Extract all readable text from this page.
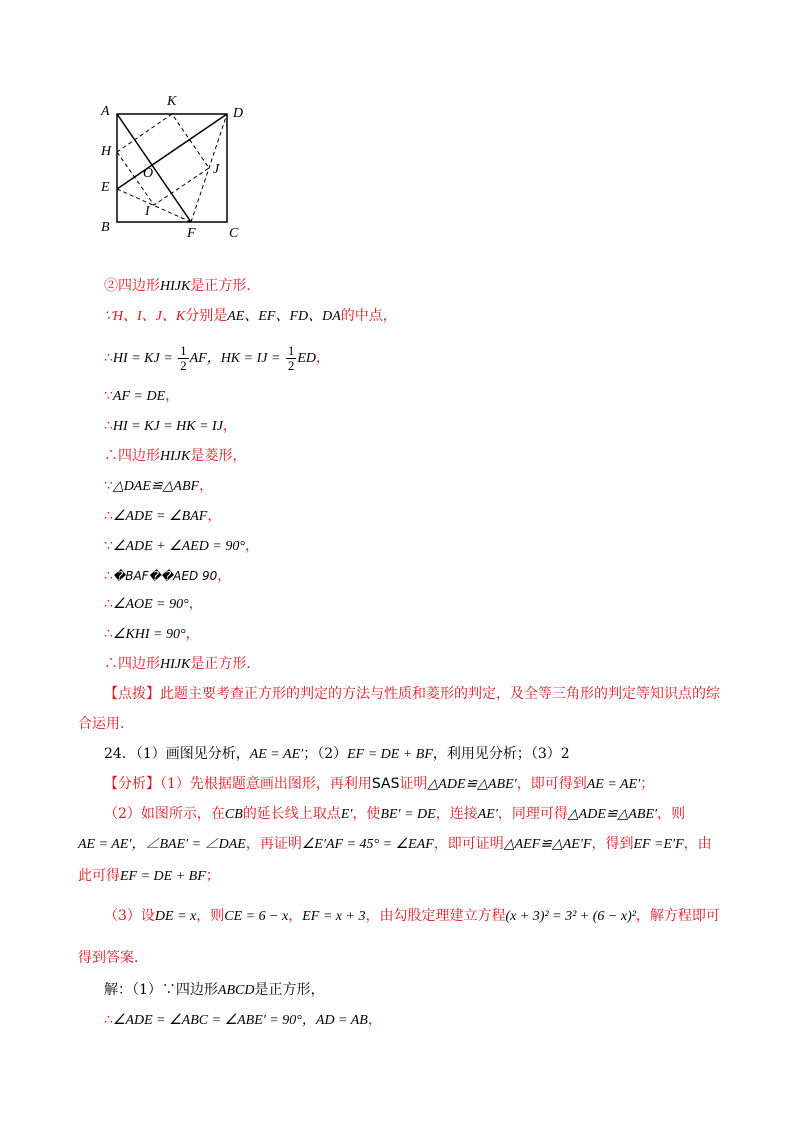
A
K
D
H
E
O	J
I
B	F C
②四边形HIJK是正方形．
∵H、I、J、K分别是AE、EF、FD、DA的中点，
∴HI = KJ = $\frac{1}{2}$ AF，HK = IJ = $\frac{1}{2}$ ED，
∵AF = DE，
∴HI = KJ = HK = IJ，
∴四边形HIJK是菱形，
∵△DAE≌△ABF，
∴∠ADE = ∠BAF，
∵∠ADE + ∠AED = 90°，
∴�BAF��AED 90，
∴∠AOE = 90°，
∴∠KHI = 90°，
∴四边形HIJK是正方形．
【点拨】此题主要考查正方形的判定的方法与性质和菱形的判定，及全等三角形的判定等知识点的综
合运用．
24．（1）画图见分析，AE = AE′；（2）EF = DE + BF，利用见分析；（3）2
【分析】（1）先根据题意画出图形，再利用SAS证明△ADE≌△ABE′，即可得到AE = AE′；
（2）如图所示，在CB的延长线上取点E′，使BE′ = DE，连接AE′，同理可得△ADE≌△ABE′，则
AE = AE′，∠BAE′ = ∠DAE，再证明∠E′AF = 45° = ∠EAF，即可证明△AEF≌△AE′F，得到EF =E′F，由
此可得EF = DE + BF；
（3）设DE = x，则CE = 6 − x，EF = x + 3，由勾股定理建立方程(x + 3)² = 3² + (6 − x)²，解方程即可
得到答案．
解：（1）∵四边形ABCD是正方形，
∴∠ADE = ∠ABC = ∠ABE′ = 90°，AD = AB，
